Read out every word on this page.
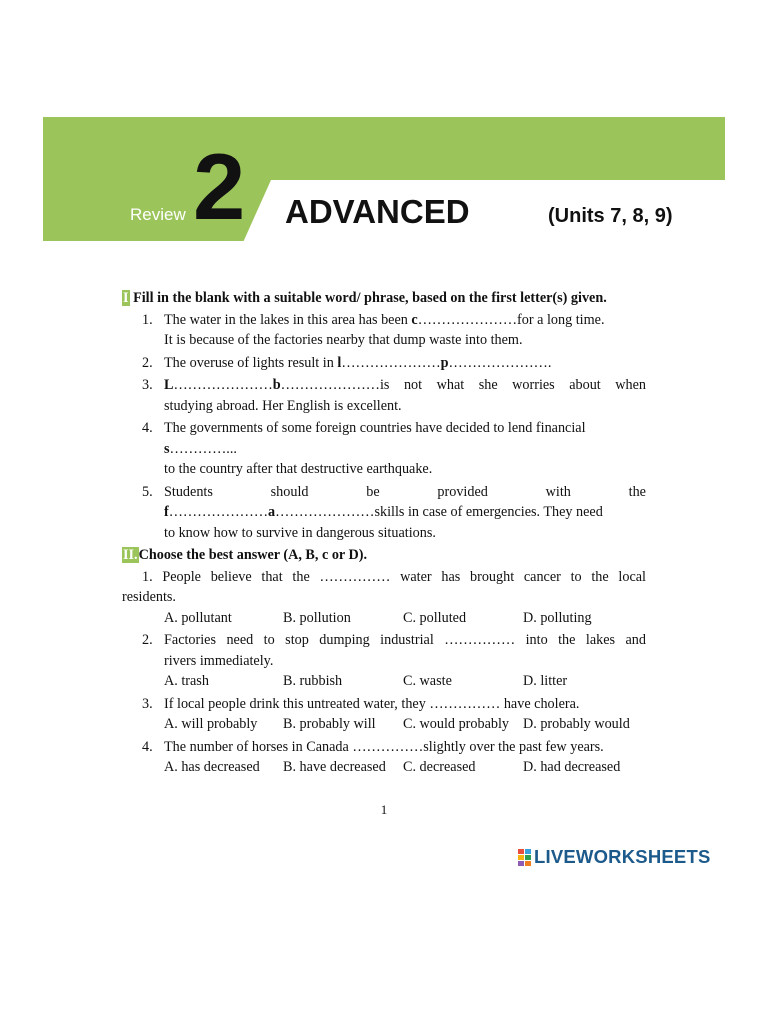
Review 2 ADVANCED	(Units 7, 8, 9)

I Fill in the blank with a suitable word/ phrase, based on the first letter(s) given.

1. The water in the lakes in this area has been c…………………for a long time.

It is because of the factories nearby that dump waste into them.

2. The overuse of lights result in l…………………p………………….

3. L…………………b…………………is not what she worries about when

studying abroad. Her English is excellent.

4. The governments of some foreign countries have decided to lend financial

s…………...

to the country after that destructive earthquake.

5. Students	should	be	provided	with	the

f…………………a…………………skills in case of emergencies. They need

to know how to survive in dangerous situations.

II.Choose the best answer (A, B, c or D).

1. People believe that the …………… water has brought cancer to the local

residents.

A. pollutant	B. pollution	C. polluted	D. polluting

2. Factories need to stop dumping industrial …………… into the lakes and

rivers immediately.

A. trash	B. rubbish	C. waste	D. litter

3. If local people drink this untreated water, they …………… have cholera.

A. will probably	B. probably will	C. would probably D. probably would

4. The number of horses in Canada ……………slightly over the past few years.

A. has decreased	B. have decreased	C. decreased	D. had decreased

1
LIVEWORKSHEETS
